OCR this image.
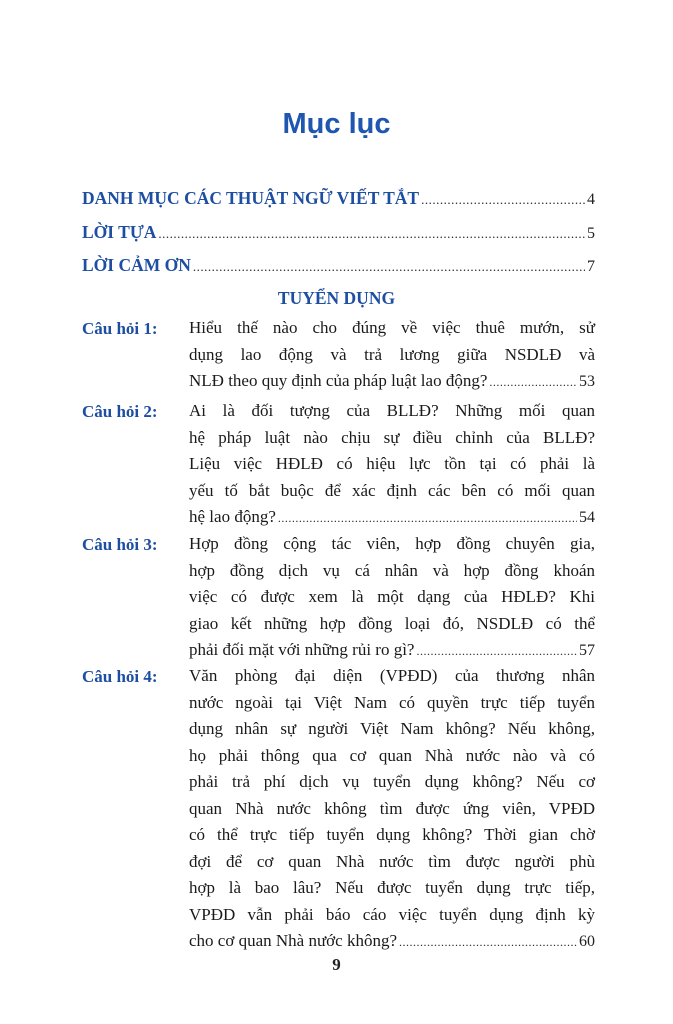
Mục lục
DANH MỤC CÁC THUẬT NGỮ VIẾT TẮT .....	4
LỜI TỰA .....	5
LỜI CẢM ƠN .....	7
TUYỂN DỤNG
Câu hỏi 1: Hiểu thế nào cho đúng về việc thuê mướn, sử
dụng lao động và trả lương giữa NSDLĐ và
NLĐ theo quy định của pháp luật lao động? .....	53
Câu hỏi 2: Ai là đối tượng của BLLĐ? Những mối quan
hệ pháp luật nào chịu sự điều chỉnh của BLLĐ?
Liệu việc HĐLĐ có hiệu lực tồn tại có phải là
yếu tố bắt buộc để xác định các bên có mối quan
hệ lao động? .....	54
Câu hỏi 3: Hợp đồng cộng tác viên, hợp đồng chuyên gia,
hợp đồng dịch vụ cá nhân và hợp đồng khoán
việc có được xem là một dạng của HĐLĐ? Khi
giao kết những hợp đồng loại đó, NSDLĐ có thể
phải đối mặt với những rủi ro gì? .....	57
Câu hỏi 4: Văn phòng đại diện (VPĐD) của thương nhân
nước ngoài tại Việt Nam có quyền trực tiếp tuyển
dụng nhân sự người Việt Nam không? Nếu không,
họ phải thông qua cơ quan Nhà nước nào và có
phải trả phí dịch vụ tuyển dụng không? Nếu cơ
quan Nhà nước không tìm được ứng viên, VPĐD
có thể trực tiếp tuyển dụng không? Thời gian chờ
đợi để cơ quan Nhà nước tìm được người phù
hợp là bao lâu? Nếu được tuyển dụng trực tiếp,
VPĐD vẫn phải báo cáo việc tuyển dụng định kỳ
cho cơ quan Nhà nước không? .....	60
9
